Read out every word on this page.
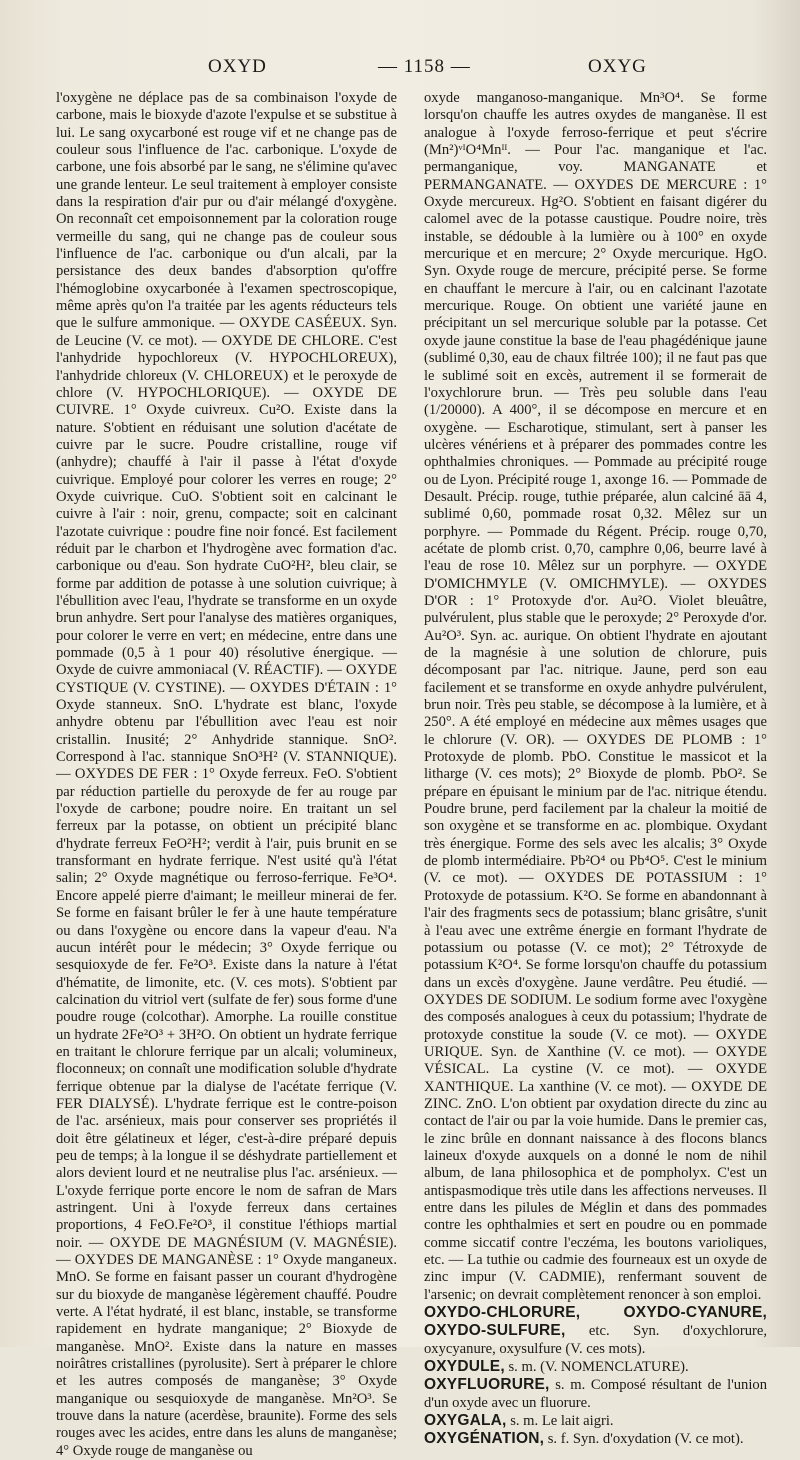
OXYD	— 1158 —	OXYG

l'oxygène ne déplace pas de sa combinaison l'oxyde de carbone, mais le bioxyde d'azote l'expulse et se substitue à lui. Le sang oxycarboné est rouge vif et ne change pas de couleur sous l'influence de l'ac. carbonique. L'oxyde de carbone, une fois absorbé par le sang, ne s'élimine qu'avec une grande lenteur. Le seul traitement à employer consiste dans la respiration d'air pur ou d'air mélangé d'oxygène. On reconnaît cet empoisonnement par la coloration rouge vermeille du sang, qui ne change pas de couleur sous l'influence de l'ac. carbonique ou d'un alcali, par la persistance des deux bandes d'absorption qu'offre l'hémoglobine oxycarbonée à l'examen spectroscopique, même après qu'on l'a traitée par les agents réducteurs tels que le sulfure ammonique. — OXYDE CASÉEUX. Syn. de Leucine (V. ce mot). — OXYDE DE CHLORE. C'est l'anhydride hypochloreux (V. HYPOCHLOREUX), l'anhydride chloreux (V. CHLOREUX) et le peroxyde de chlore (V. HYPOCHLORIQUE). — OXYDE DE CUIVRE. 1° Oxyde cuivreux. Cu²O. Existe dans la nature. S'obtient en réduisant une solution d'acétate de cuivre par le sucre. Poudre cristalline, rouge vif (anhydre); chauffé à l'air il passe à l'état d'oxyde cuivrique. Employé pour colorer les verres en rouge; 2° Oxyde cuivrique. CuO. S'obtient soit en calcinant le cuivre à l'air : noir, grenu, compacte; soit en calcinant l'azotate cuivrique : poudre fine noir foncé. Est facilement réduit par le charbon et l'hydrogène avec formation d'ac. carbonique ou d'eau. Son hydrate CuO²H², bleu clair, se forme par addition de potasse à une solution cuivrique; à l'ébullition avec l'eau, l'hydrate se transforme en un oxyde brun anhydre. Sert pour l'analyse des matières organiques, pour colorer le verre en vert; en médecine, entre dans une pommade (0,5 à 1 pour 40) résolutive énergique. — Oxyde de cuivre ammoniacal (V. RÉACTIF). — OXYDE CYSTIQUE (V. CYSTINE). — OXYDES D'ÉTAIN : 1° Oxyde stanneux. SnO. L'hydrate est blanc, l'oxyde anhydre obtenu par l'ébullition avec l'eau est noir cristallin. Inusité; 2° Anhydride stannique. SnO². Correspond à l'ac. stannique SnO³H² (V. STANNIQUE). — OXYDES DE FER : 1° Oxyde ferreux. FeO. S'obtient par réduction partielle du peroxyde de fer au rouge par l'oxyde de carbone; poudre noire. En traitant un sel ferreux par la potasse, on obtient un précipité blanc d'hydrate ferreux FeO²H²; verdit à l'air, puis brunit en se transformant en hydrate ferrique. N'est usité qu'à l'état salin; 2° Oxyde magnétique ou ferroso-ferrique. Fe³O⁴. Encore appelé pierre d'aimant; le meilleur minerai de fer. Se forme en faisant brûler le fer à une haute température ou dans l'oxygène ou encore dans la vapeur d'eau. N'a aucun intérêt pour le médecin; 3° Oxyde ferrique ou sesquioxyde de fer. Fe²O³. Existe dans la nature à l'état d'hématite, de limonite, etc. (V. ces mots). S'obtient par calcination du vitriol vert (sulfate de fer) sous forme d'une poudre rouge (colcothar). Amorphe. La rouille constitue un hydrate 2Fe²O³ + 3H²O. On obtient un hydrate ferrique en traitant le chlorure ferrique par un alcali; volumineux, floconneux; on connaît une modification soluble d'hydrate ferrique obtenue par la dialyse de l'acétate ferrique (V. FER DIALYSÉ). L'hydrate ferrique est le contre-poison de l'ac. arsénieux, mais pour conserver ses propriétés il doit être gélatineux et léger, c'est-à-dire préparé depuis peu de temps; à la longue il se déshydrate partiellement et alors devient lourd et ne neutralise plus l'ac. arsénieux. — L'oxyde ferrique porte encore le nom de safran de Mars astringent. Uni à l'oxyde ferreux dans certaines proportions, 4 FeO.Fe²O³, il constitue l'éthiops martial noir. — OXYDE DE MAGNÉSIUM (V. MAGNÉSIE). — OXYDES DE MANGANÈSE : 1° Oxyde manganeux. MnO. Se forme en faisant passer un courant d'hydrogène sur du bioxyde de manganèse légèrement chauffé. Poudre verte. A l'état hydraté, il est blanc, instable, se transforme rapidement en hydrate manganique; 2° Bioxyde de manganèse. MnO². Existe dans la nature en masses noirâtres cristallines (pyrolusite). Sert à préparer le chlore et les autres composés de manganèse; 3° Oxyde manganique ou sesquioxyde de manganèse. Mn²O³. Se trouve dans la nature (acerdèse, braunite). Forme des sels rouges avec les acides, entre dans les aluns de manganèse; 4° Oxyde rouge de manganèse ou

oxyde manganoso-manganique. Mn³O⁴. Se forme lorsqu'on chauffe les autres oxydes de manganèse. Il est analogue à l'oxyde ferroso-ferrique et peut s'écrire (Mn²)ᵛᴵO⁴Mnᴵᴵ. — Pour l'ac. manganique et l'ac. permanganique, voy. MANGANATE et PERMANGANATE. — OXYDES DE MERCURE : 1° Oxyde mercureux. Hg²O. S'obtient en faisant digérer du calomel avec de la potasse caustique. Poudre noire, très instable, se dédouble à la lumière ou à 100° en oxyde mercurique et en mercure; 2° Oxyde mercurique. HgO. Syn. Oxyde rouge de mercure, précipité perse. Se forme en chauffant le mercure à l'air, ou en calcinant l'azotate mercurique. Rouge. On obtient une variété jaune en précipitant un sel mercurique soluble par la potasse. Cet oxyde jaune constitue la base de l'eau phagédénique jaune (sublimé 0,30, eau de chaux filtrée 100); il ne faut pas que le sublimé soit en excès, autrement il se formerait de l'oxychlorure brun. — Très peu soluble dans l'eau (1/20000). A 400°, il se décompose en mercure et en oxygène. — Escharotique, stimulant, sert à panser les ulcères vénériens et à préparer des pommades contre les ophthalmies chroniques. — Pommade au précipité rouge ou de Lyon. Précipité rouge 1, axonge 16. — Pommade de Desault. Précip. rouge, tuthie préparée, alun calciné āā 4, sublimé 0,60, pommade rosat 0,32. Mêlez sur un porphyre. — Pommade du Régent. Précip. rouge 0,70, acétate de plomb crist. 0,70, camphre 0,06, beurre lavé à l'eau de rose 10. Mêlez sur un porphyre. — OXYDE D'OMICHMYLE (V. OMICHMYLE). — OXYDES D'OR : 1° Protoxyde d'or. Au²O. Violet bleuâtre, pulvérulent, plus stable que le peroxyde; 2° Peroxyde d'or. Au²O³. Syn. ac. aurique. On obtient l'hydrate en ajoutant de la magnésie à une solution de chlorure, puis décomposant par l'ac. nitrique. Jaune, perd son eau facilement et se transforme en oxyde anhydre pulvérulent, brun noir. Très peu stable, se décompose à la lumière, et à 250°. A été employé en médecine aux mêmes usages que le chlorure (V. OR). — OXYDES DE PLOMB : 1° Protoxyde de plomb. PbO. Constitue le massicot et la litharge (V. ces mots); 2° Bioxyde de plomb. PbO². Se prépare en épuisant le minium par de l'ac. nitrique étendu. Poudre brune, perd facilement par la chaleur la moitié de son oxygène et se transforme en ac. plombique. Oxydant très énergique. Forme des sels avec les alcalis; 3° Oxyde de plomb intermédiaire. Pb²O⁴ ou Pb⁴O⁵. C'est le minium (V. ce mot). — OXYDES DE POTASSIUM : 1° Protoxyde de potassium. K²O. Se forme en abandonnant à l'air des fragments secs de potassium; blanc grisâtre, s'unit à l'eau avec une extrême énergie en formant l'hydrate de potassium ou potasse (V. ce mot); 2° Tétroxyde de potassium K²O⁴. Se forme lorsqu'on chauffe du potassium dans un excès d'oxygène. Jaune verdâtre. Peu étudié. — OXYDES DE SODIUM. Le sodium forme avec l'oxygène des composés analogues à ceux du potassium; l'hydrate de protoxyde constitue la soude (V. ce mot). — OXYDE URIQUE. Syn. de Xanthine (V. ce mot). — OXYDE VÉSICAL. La cystine (V. ce mot). — OXYDE XANTHIQUE. La xanthine (V. ce mot). — OXYDE DE ZINC. ZnO. L'on obtient par oxydation directe du zinc au contact de l'air ou par la voie humide. Dans le premier cas, le zinc brûle en donnant naissance à des flocons blancs laineux d'oxyde auxquels on a donné le nom de nihil album, de lana philosophica et de pompholyx. C'est un antispasmodique très utile dans les affections nerveuses. Il entre dans les pilules de Méglin et dans des pommades contre les ophthalmies et sert en poudre ou en pommade comme siccatif contre l'eczéma, les boutons varioliques, etc. — La tuthie ou cadmie des fourneaux est un oxyde de zinc impur (V. CADMIE), renfermant souvent de l'arsenic; on devrait complètement renoncer à son emploi.

OXYDO-CHLORURE, OXYDO-CYANURE, OXYDO-SULFURE, etc. Syn. d'oxychlorure, oxycyanure, oxysulfure (V. ces mots).

OXYDULE, s. m. (V. NOMENCLATURE).

OXYFLUORURE, s. m. Composé résultant de l'union d'un oxyde avec un fluorure.

OXYGALA, s. m. Le lait aigri.

OXYGÉNATION, s. f. Syn. d'oxydation (V. ce mot).
